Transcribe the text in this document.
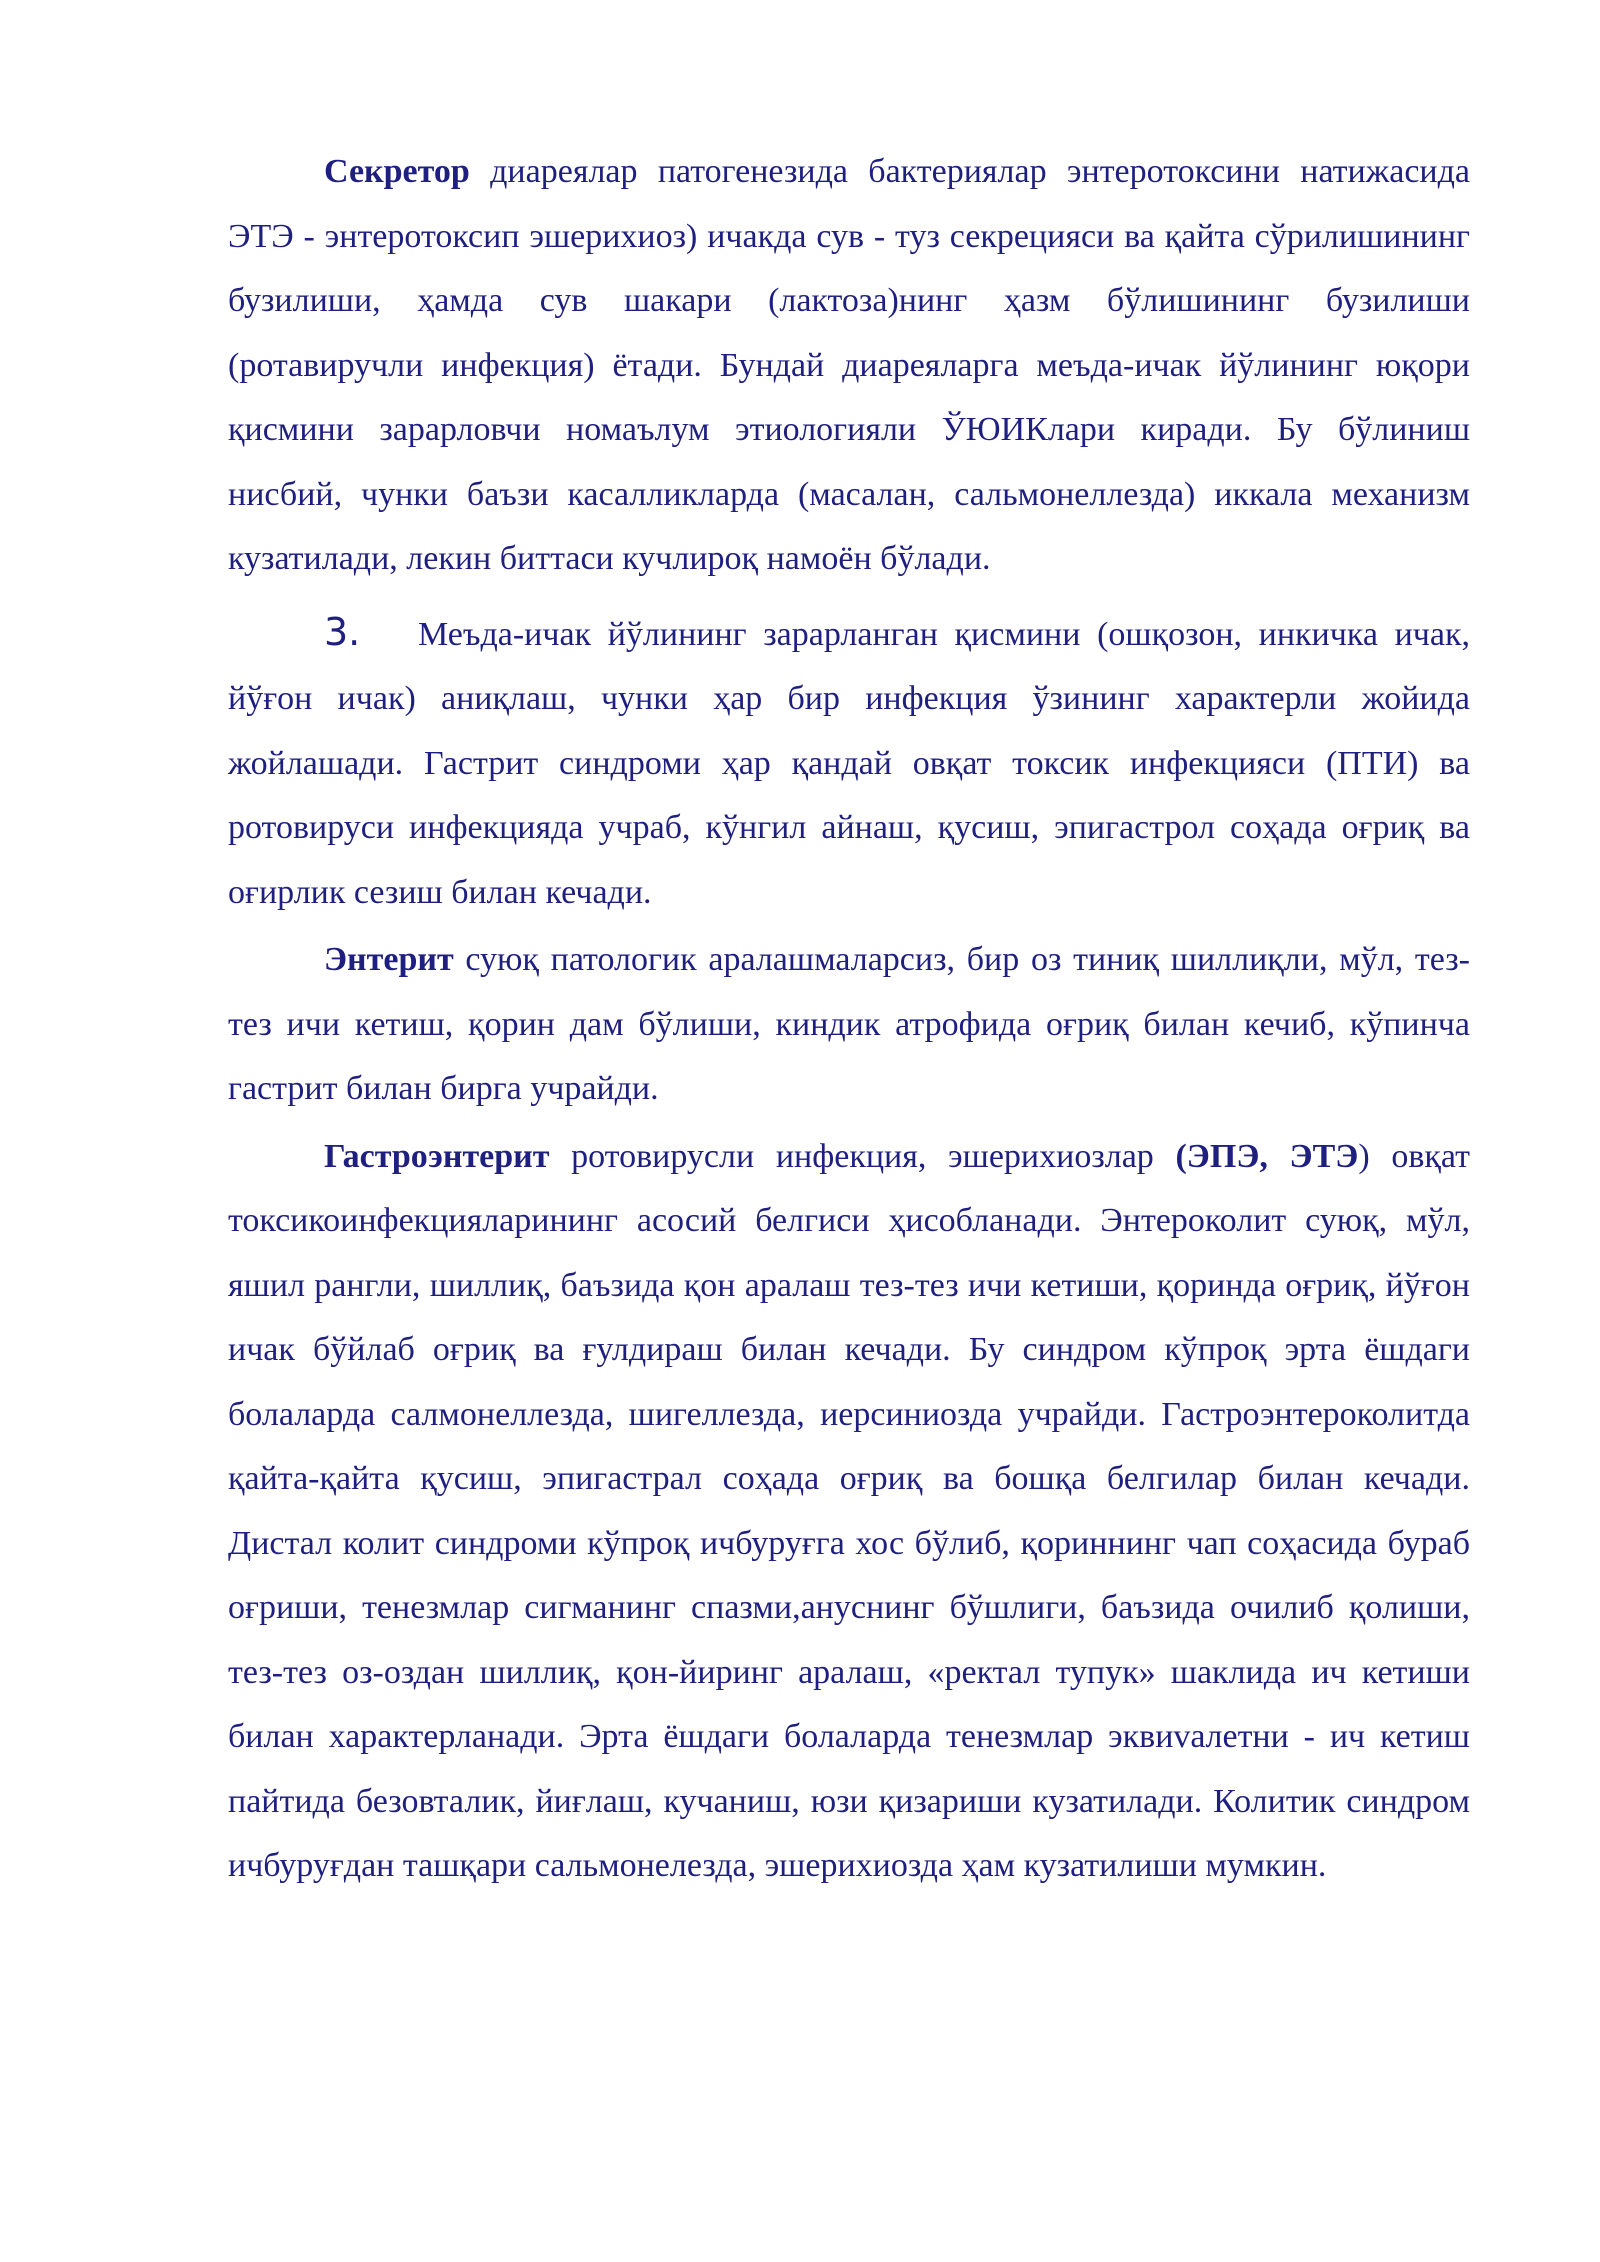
Секретор диареялар патогенезида бактериялар энтеротоксини натижасида ЭТЭ - энтеротоксип эшерихиоз) ичакда сув - туз секрецияси ва қайта сўрилишининг бузилиши, ҳамда сув шакари (лактоза)нинг ҳазм бўлишининг бузилиши (ротавиручли инфекция) ётади. Бундай диареяларга меъда-ичак йўлининг юқори қисмини зарарловчи номаълум этиологияли ЎЮИКлари киради. Бу бўлиниш нисбий, чунки баъзи касалликларда (масалан, сальмонеллезда) иккала механизм кузатилади, лекин биттаси кучлироқ намоён бўлади.

3. Меъда-ичак йўлининг зарарланган қисмини (ошқозон, инкичка ичак, йўғон ичак) аниқлаш, чунки ҳар бир инфекция ўзининг характерли жойида жойлашади. Гастрит синдроми ҳар қандай овқат токсик инфекцияси (ПТИ) ва ротовируси инфекцияда учраб, кўнгил айнаш, қусиш, эпигастрол соҳада оғриқ ва оғирлик сезиш билан кечади.

Энтерит суюқ патологик аралашмаларсиз, бир оз тиниқ шиллиқли, мўл, тез-тез ичи кетиш, қорин дам бўлиши, киндик атрофида оғриқ билан кечиб, кўпинча гастрит билан бирга учрайди.

Гастроэнтерит ротовирусли инфекция, эшерихиозлар (ЭПЭ, ЭТЭ) овқат токсикоинфекцияларининг асосий белгиси ҳисобланади. Энтероколит суюқ, мўл, яшил рангли, шиллиқ, баъзида қон аралаш тез-тез ичи кетиши, қоринда оғриқ, йўғон ичак бўйлаб оғриқ ва ғулдираш билан кечади. Бу синдром кўпроқ эрта ёшдаги болаларда салмонеллезда, шигеллезда, иерсиниозда учрайди. Гастроэнтероколитда қайта-қайта қусиш, эпигастрал соҳада оғриқ ва бошқа белгилар билан кечади. Дистал колит синдроми кўпроқ ичбуруғга хос бўлиб, қориннинг чап соҳасида бураб оғриши, тенезмлар сигманинг спазми,ануснинг бўшлиги, баъзида очилиб қолиши, тез-тез оз-оздан шиллиқ, қон-йиринг аралаш, «ректал тупук» шаклида ич кетиши билан характерланади. Эрта ёшдаги болаларда тенезмлар эквиvaлетни - ич кетиш пайтида безовталик, йиғлаш, кучаниш, юзи қизариши кузатилади. Колитик синдром ичбуруғдан ташқари сальмонелезда, эшерихиозда ҳам кузатилиши мумкин.
